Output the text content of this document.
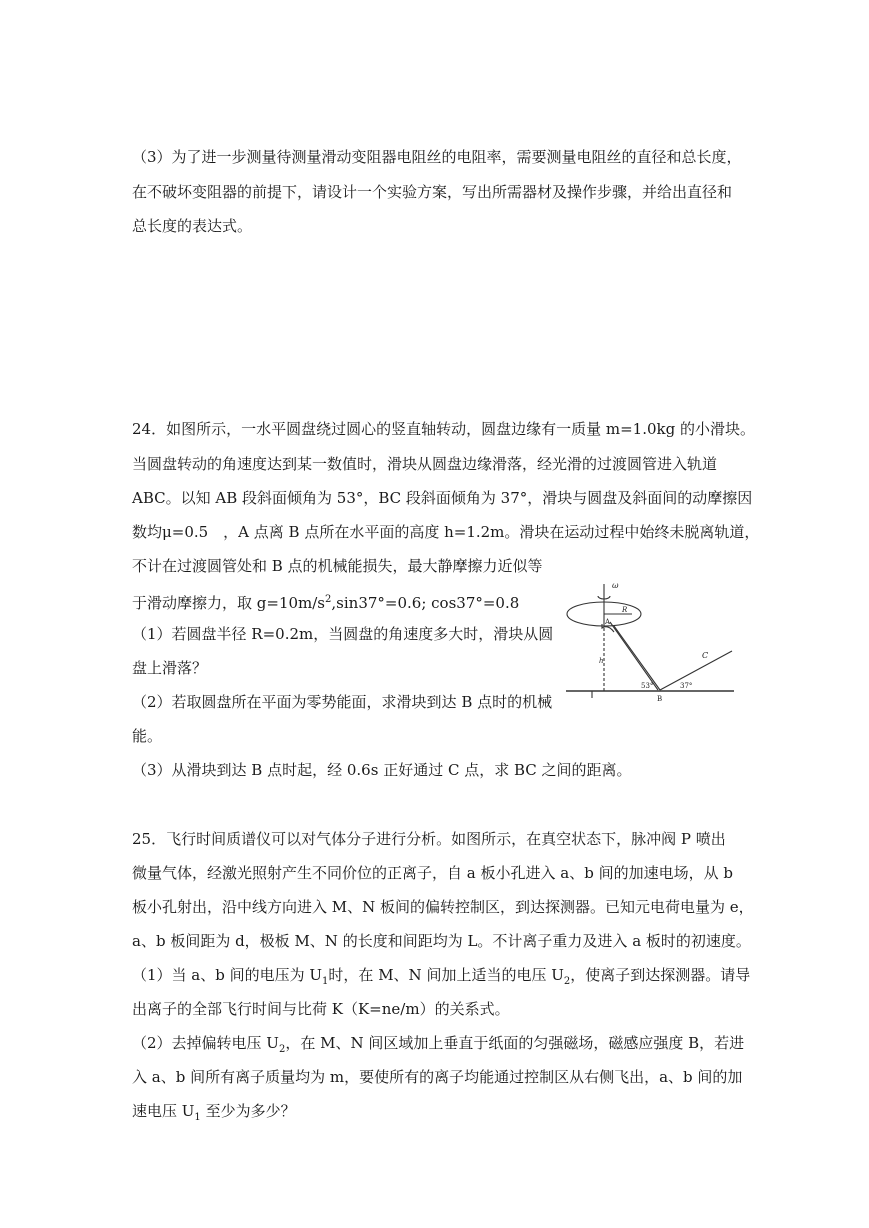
（3）为了进一步测量待测量滑动变阻器电阻丝的电阻率，需要测量电阻丝的直径和总长度，
在不破坏变阻器的前提下，请设计一个实验方案，写出所需器材及操作步骤，并给出直径和
总长度的表达式。
24．如图所示，一水平圆盘绕过圆心的竖直轴转动，圆盘边缘有一质量 m=1.0kg 的小滑块。
当圆盘转动的角速度达到某一数值时，滑块从圆盘边缘滑落，经光滑的过渡圆管进入轨道
ABC。以知 AB 段斜面倾角为 53°，BC 段斜面倾角为 37°，滑块与圆盘及斜面间的动摩擦因
数均μ=0.5　，A 点离 B 点所在水平面的高度 h=1.2m。滑块在运动过程中始终未脱离轨道，
不计在过渡圆管处和 B 点的机械能损失，最大静摩擦力近似等
于滑动摩擦力，取 $g=10m/s^2,\sin 37^\circ=0.6$; cos37°=0.8
（1）若圆盘半径 R=0.2m，当圆盘的角速度多大时，滑块从圆
盘上滑落？
（2）若取圆盘所在平面为零势能面，求滑块到达 B 点时的机械
能。
（3）从滑块到达 B 点时起，经 0.6s 正好通过 C 点，求 BC 之间的距离。
ω
R
A
h
53°	37°
B
C
25．飞行时间质谱仪可以对气体分子进行分析。如图所示，在真空状态下，脉冲阀 P 喷出
微量气体，经激光照射产生不同价位的正离子，自 a 板小孔进入 a、b 间的加速电场，从 b
板小孔射出，沿中线方向进入 M、N 板间的偏转控制区，到达探测器。已知元电荷电量为 e，
a、b 板间距为 d，极板 M、N 的长度和间距均为 L。不计离子重力及进入 a 板时的初速度。
（1）当 a、b 间的电压为 $U_1$时，在 M、N 间加上适当的电压 $U_2$，使离子到达探测器。请导
出离子的全部飞行时间与比荷 K（K=ne/m）的关系式。
（2）去掉偏转电压 $U_2$，在 M、N 间区域加上垂直于纸面的匀强磁场，磁感应强度 B，若进
入 a、b 间所有离子质量均为 m，要使所有的离子均能通过控制区从右侧飞出，a、b 间的加
速电压 $U_1$ 至少为多少？
